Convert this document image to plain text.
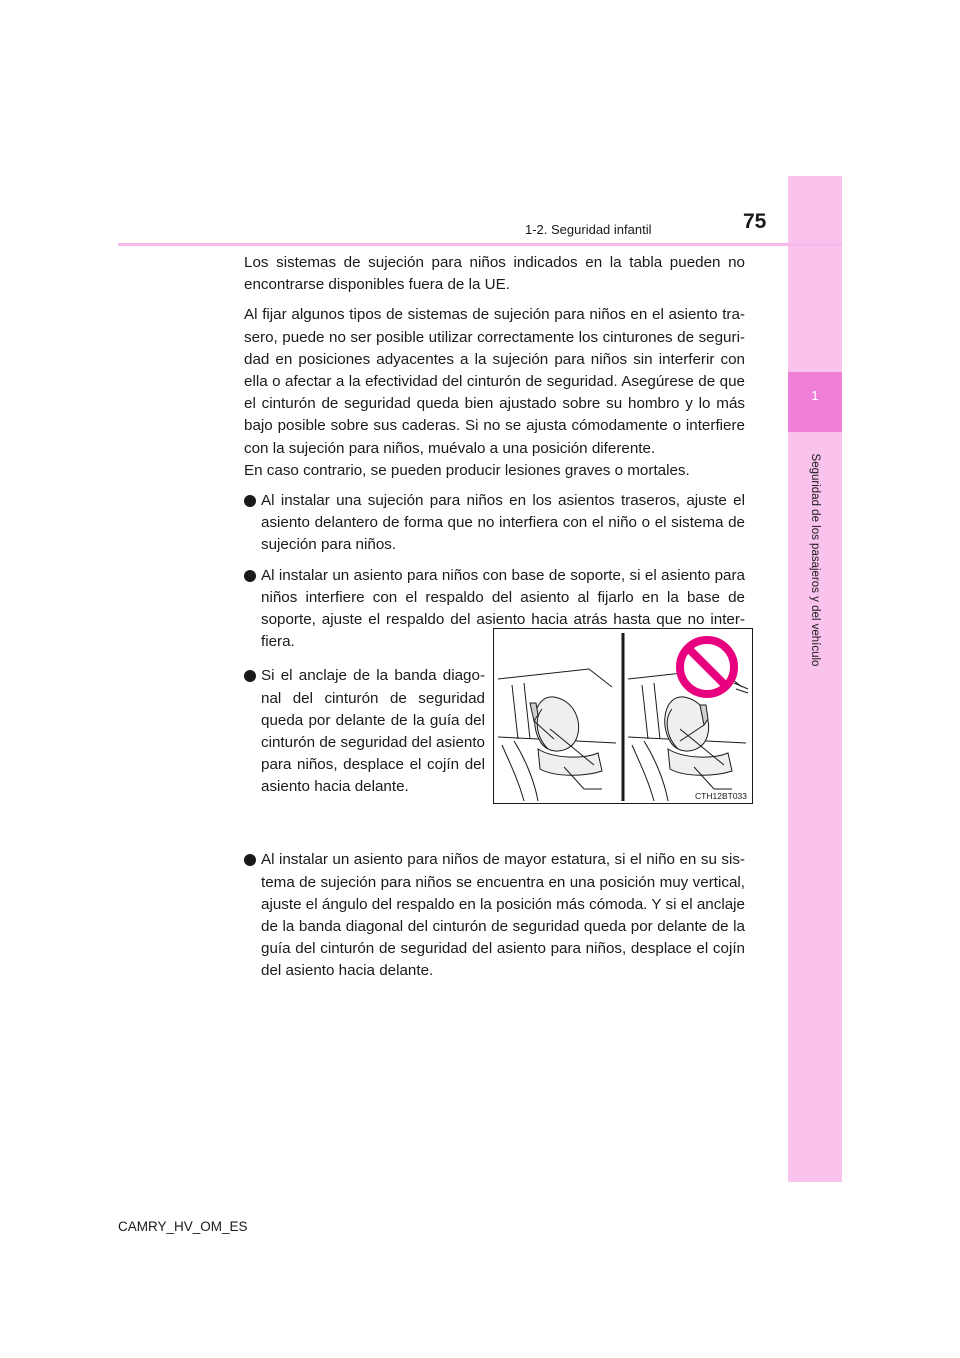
1
Seguridad de los pasajeros y del vehículo
1-2. Seguridad infantil	75

Los sistemas de sujeción para niños indicados en la tabla pueden no encontrarse disponibles fuera de la UE.

Al fijar algunos tipos de sistemas de sujeción para niños en el asiento tra-sero, puede no ser posible utilizar correctamente los cinturones de seguri-dad en posiciones adyacentes a la sujeción para niños sin interferir con ella o afectar a la efectividad del cinturón de seguridad. Asegúrese de que el cinturón de seguridad queda bien ajustado sobre su hombro y lo más bajo posible sobre sus caderas. Si no se ajusta cómodamente o interfiere con la sujeción para niños, muévalo a una posición diferente.

En caso contrario, se pueden producir lesiones graves o mortales.

Al instalar una sujeción para niños en los asientos traseros, ajuste el asiento delantero de forma que no interfiera con el niño o el sistema de sujeción para niños.
Al instalar un asiento para niños con base de soporte, si el asiento para niños interfiere con el respaldo del asiento al fijarlo en la base de soporte, ajuste el respaldo del asiento hacia atrás hasta que no inter-fiera.
Si el anclaje de la banda diago-nal del cinturón de seguridad queda por delante de la guía del cinturón de seguridad del asiento para niños, desplace el cojín del asiento hacia delante.
Al instalar un asiento para niños de mayor estatura, si el niño en su sis-tema de sujeción para niños se encuentra en una posición muy vertical, ajuste el ángulo del respaldo en la posición más cómoda. Y si el anclaje de la banda diagonal del cinturón de seguridad queda por delante de la guía del cinturón de seguridad del asiento para niños, desplace el cojín del asiento hacia delante.
CTH12BT033
CAMRY_HV_OM_ES
